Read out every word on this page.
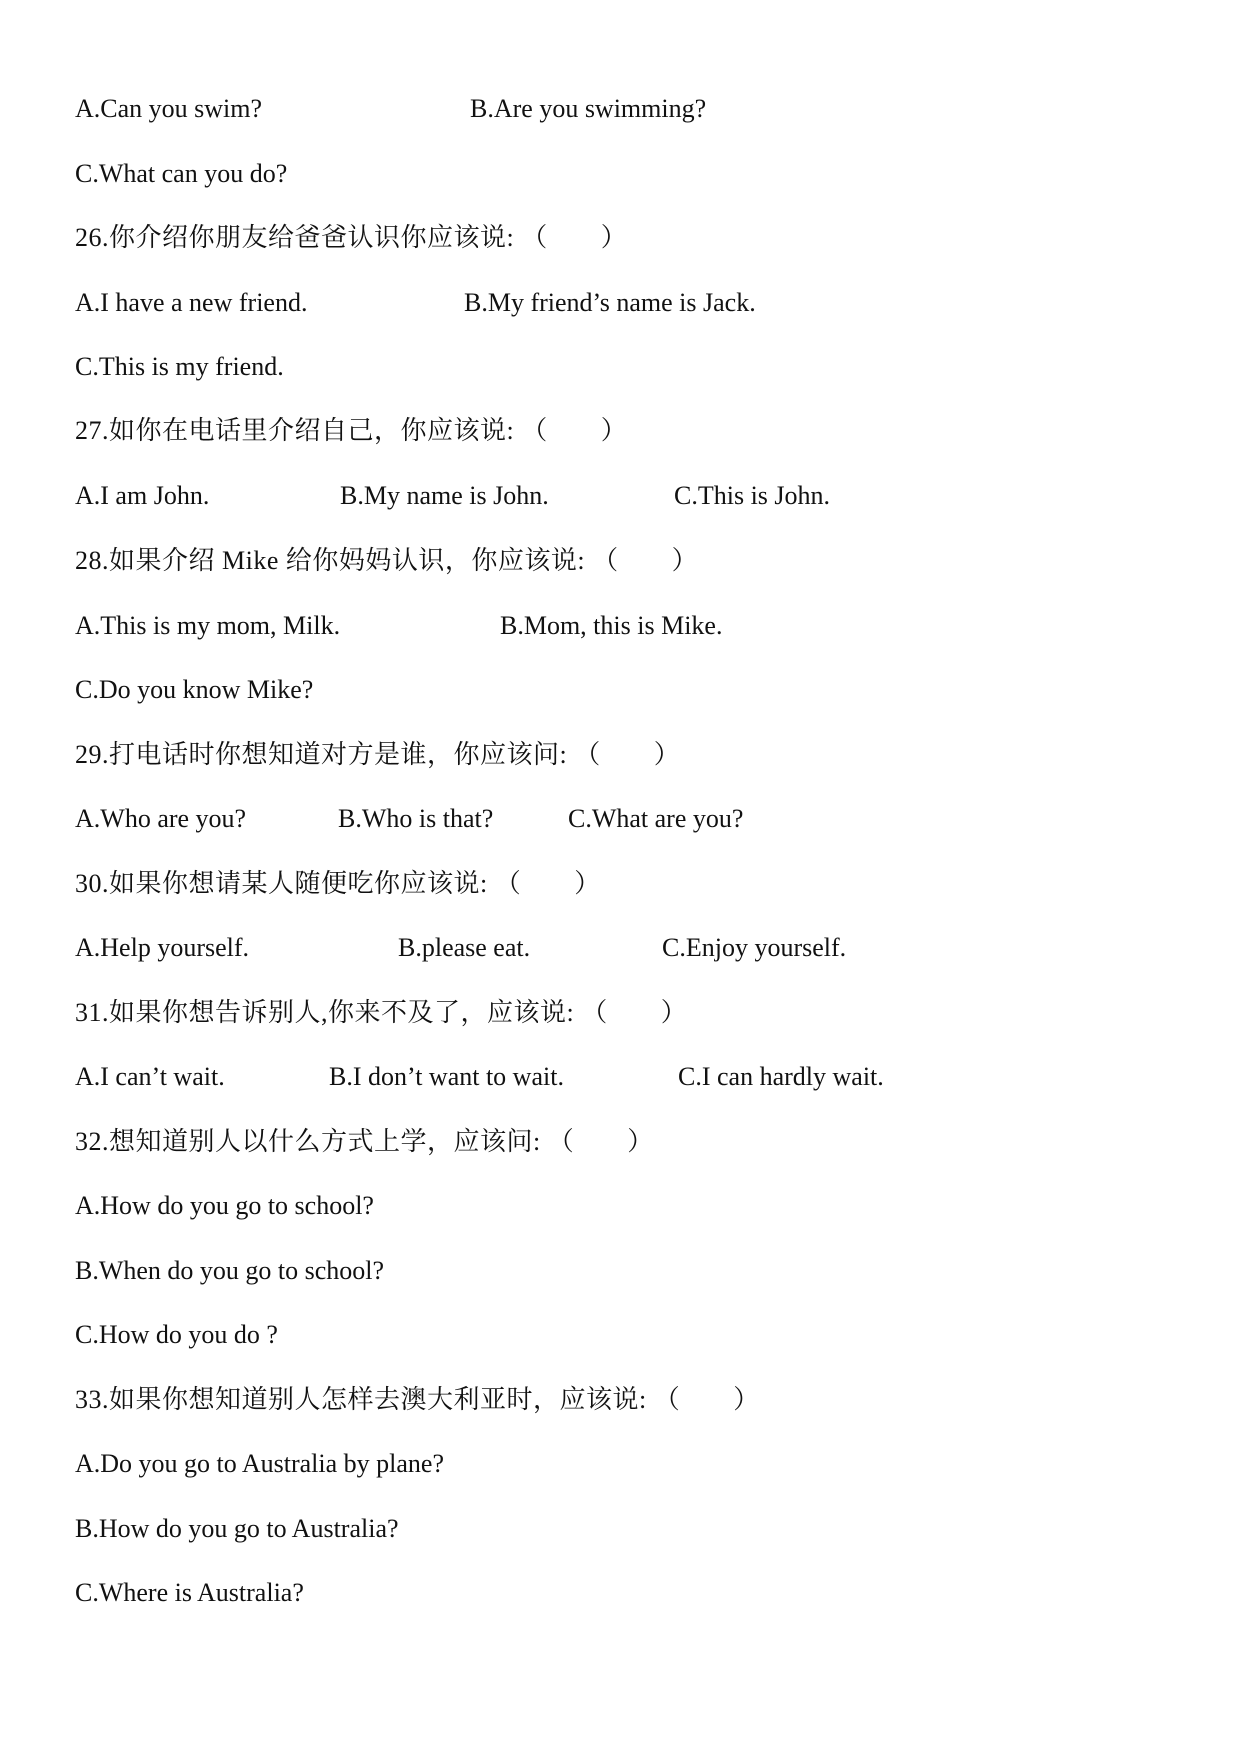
A.Can you swim?	B.Are you swimming?
C.What can you do?
26.你介绍你朋友给爸爸认识你应该说: （　　）
A.I have a new friend.	B.My friend’s name is Jack.
C.This is my friend.
27.如你在电话里介绍自己，你应该说: （　　）
A.I am John.	B.My name is John.	C.This is John.
28.如果介绍 Mike 给你妈妈认识，你应该说: （　　）
A.This is my mom, Milk.	B.Mom, this is Mike.
C.Do you know Mike?
29.打电话时你想知道对方是谁，你应该问: （　　）
A.Who are you?	B.Who is that?	C.What are you?
30.如果你想请某人随便吃你应该说: （　　）
A.Help yourself.	B.please eat.	C.Enjoy yourself.
31.如果你想告诉别人,你来不及了，应该说: （　　）
A.I can’t wait.	B.I don’t want to wait.	C.I can hardly wait.
32.想知道别人以什么方式上学，应该问: （　　）
A.How do you go to school?
B.When do you go to school?
C.How do you do ?
33.如果你想知道别人怎样去澳大利亚时，应该说: （　　）
A.Do you go to Australia by plane?
B.How do you go to Australia?
C.Where is Australia?
